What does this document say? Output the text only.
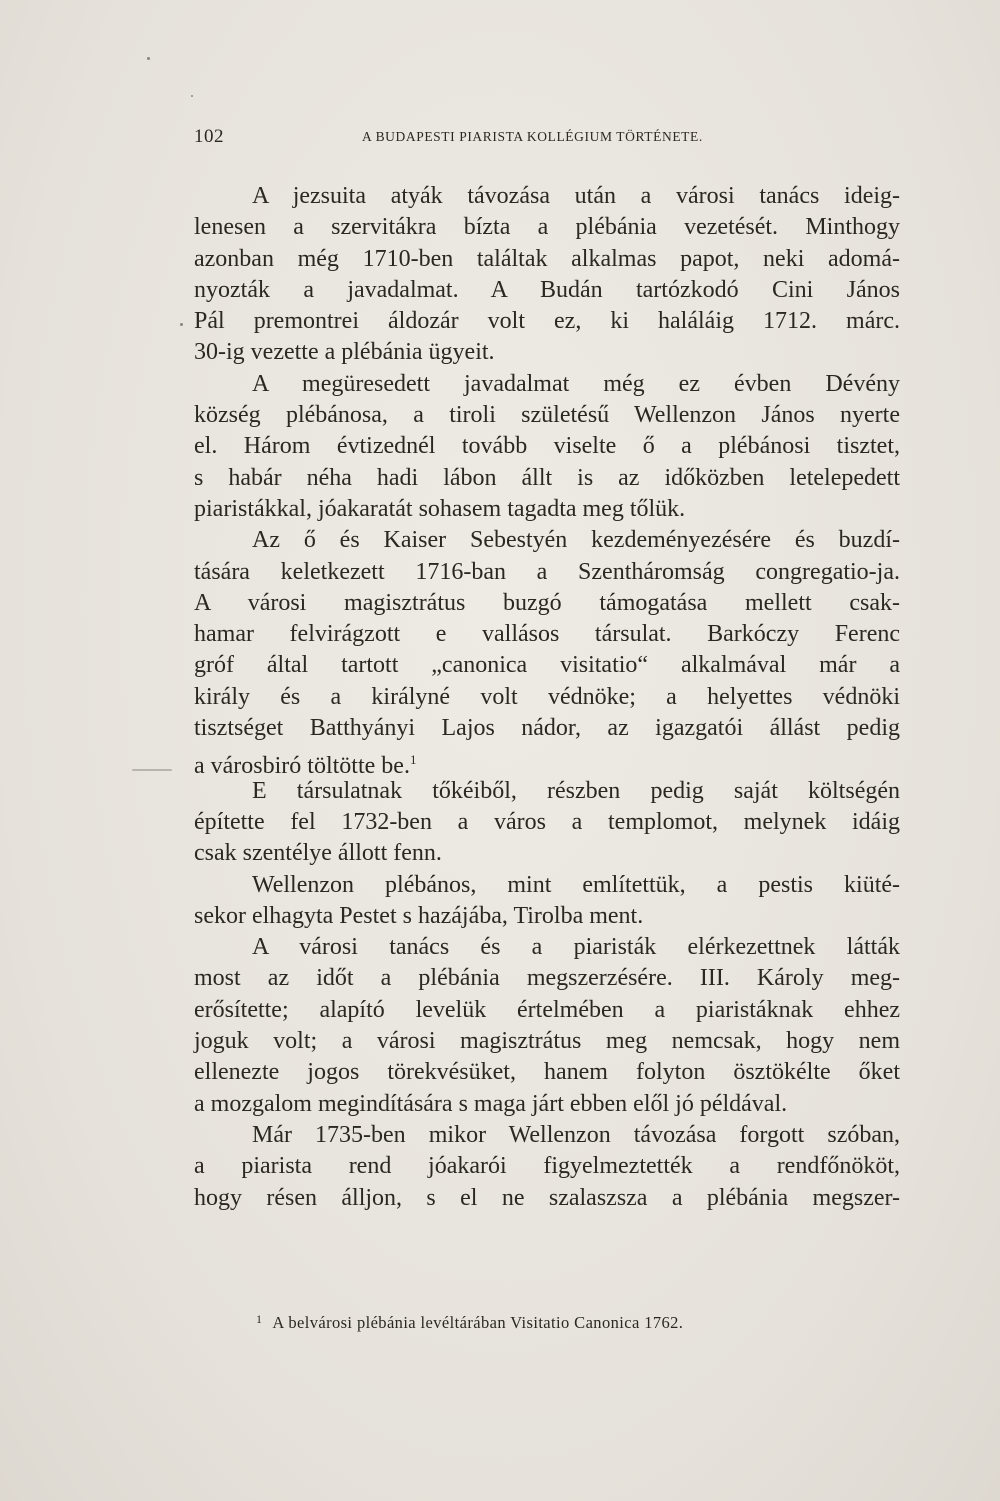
102	A BUDAPESTI PIARISTA KOLLÉGIUM TÖRTÉNETE.
A jezsuita atyák távozása után a városi tanács ideig-
lenesen a szervitákra bízta a plébánia vezetését. Minthogy
azonban még 1710-ben találtak alkalmas papot, neki adomá-
nyozták a javadalmat. A Budán tartózkodó Cini János
Pál premontrei áldozár volt ez, ki haláláig 1712. márc.
30-ig vezette a plébánia ügyeit.
A megüresedett javadalmat még ez évben Dévény
község plébánosa, a tiroli születésű Wellenzon János nyerte
el. Három évtizednél tovább viselte ő a plébánosi tisztet,
s habár néha hadi lábon állt is az időközben letelepedett
piaristákkal, jóakaratát sohasem tagadta meg tőlük.
Az ő és Kaiser Sebestyén kezdeményezésére és buzdí-
tására keletkezett 1716-ban a Szentháromság congregatio-ja.
A városi magisztrátus buzgó támogatása mellett csak-
hamar felvirágzott e vallásos társulat. Barkóczy Ferenc
gróf által tartott „canonica visitatio“ alkalmával már a
király és a királyné volt védnöke; a helyettes védnöki
tisztséget Batthyányi Lajos nádor, az igazgatói állást pedig
a városbiró töltötte be.$^1$
E társulatnak tőkéiből, részben pedig saját költségén
építette fel 1732-ben a város a templomot, melynek idáig
csak szentélye állott fenn.
Wellenzon plébános, mint említettük, a pestis kiüté-
sekor elhagyta Pestet s hazájába, Tirolba ment.
A városi tanács és a piaristák elérkezettnek látták
most az időt a plébánia megszerzésére. III. Károly meg-
erősítette; alapító levelük értelmében a piaristáknak ehhez
joguk volt; a városi magisztrátus meg nemcsak, hogy nem
ellenezte jogos törekvésüket, hanem folyton ösztökélte őket
a mozgalom megindítására s maga járt ebben elől jó példával.
Már 1735-ben mikor Wellenzon távozása forgott szóban,
a piarista rend jóakarói figyelmeztették a rendfőnököt,
hogy résen álljon, s el ne szalaszsza a plébánia megszer-
$^1$ A belvárosi plébánia levéltárában Visitatio Canonica 1762.
